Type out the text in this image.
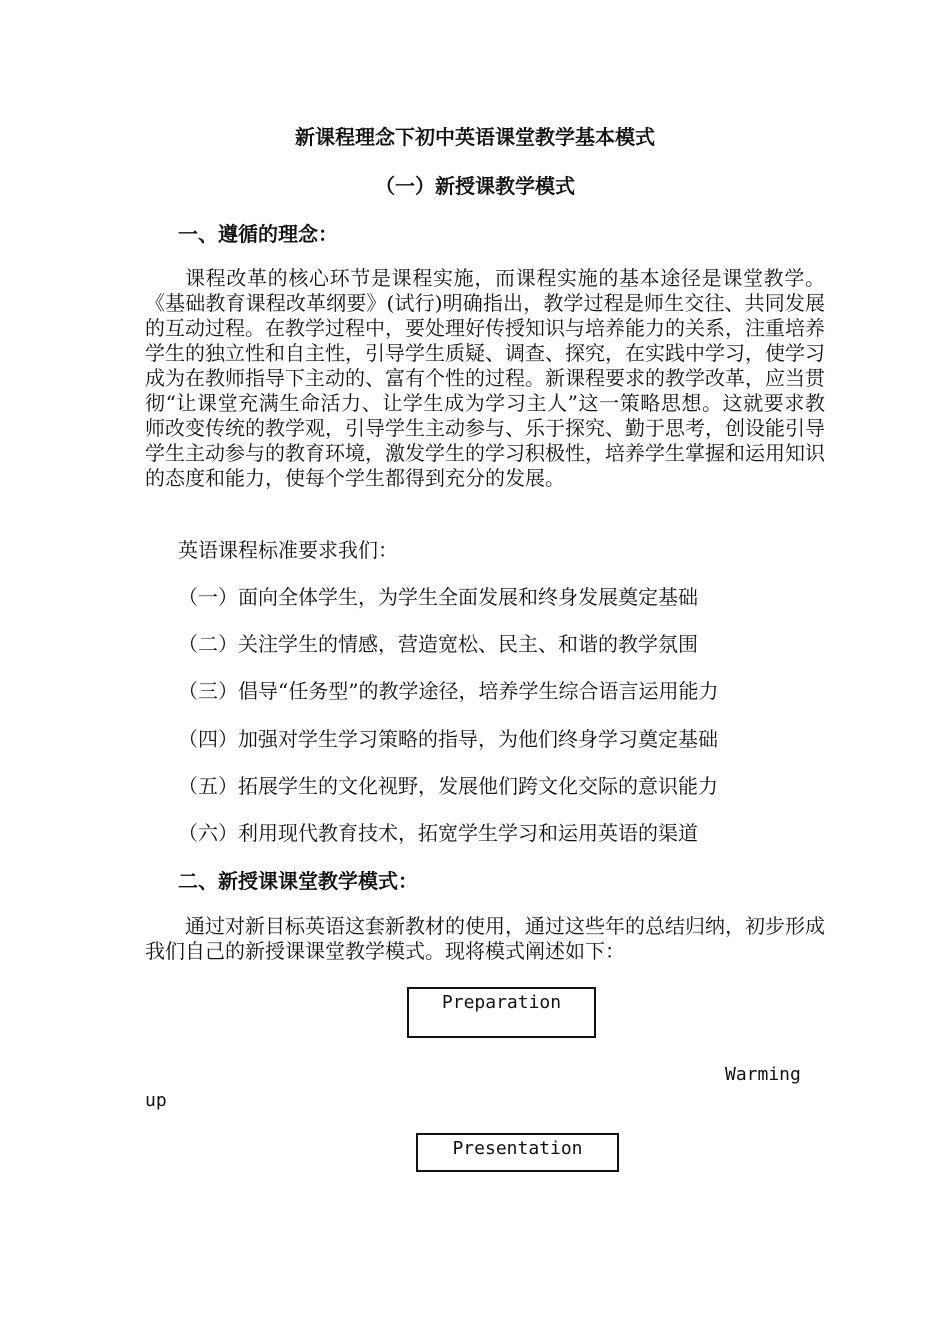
新课程理念下初中英语课堂教学基本模式
（一）新授课教学模式
一、遵循的理念：
课程改革的核心环节是课程实施，而课程实施的基本途径是课堂教学。《基础教育课程改革纲要》(试行)明确指出，教学过程是师生交往、共同发展的互动过程。在教学过程中，要处理好传授知识与培养能力的关系，注重培养学生的独立性和自主性，引导学生质疑、调查、探究，在实践中学习，使学习成为在教师指导下主动的、富有个性的过程。新课程要求的教学改革，应当贯彻“让课堂充满生命活力、让学生成为学习主人”这一策略思想。这就要求教师改变传统的教学观，引导学生主动参与、乐于探究、勤于思考，创设能引导学生主动参与的教育环境，激发学生的学习积极性，培养学生掌握和运用知识的态度和能力，使每个学生都得到充分的发展。
英语课程标准要求我们：
（一）面向全体学生，为学生全面发展和终身发展奠定基础
（二）关注学生的情感，营造宽松、民主、和谐的教学氛围
（三）倡导“任务型”的教学途径，培养学生综合语言运用能力
（四）加强对学生学习策略的指导，为他们终身学习奠定基础
（五）拓展学生的文化视野，发展他们跨文化交际的意识能力
（六）利用现代教育技术，拓宽学生学习和运用英语的渠道
二、新授课课堂教学模式：
通过对新目标英语这套新教材的使用，通过这些年的总结归纳，初步形成我们自己的新授课课堂教学模式。现将模式阐述如下：
Preparation
Warming
up
Presentation
